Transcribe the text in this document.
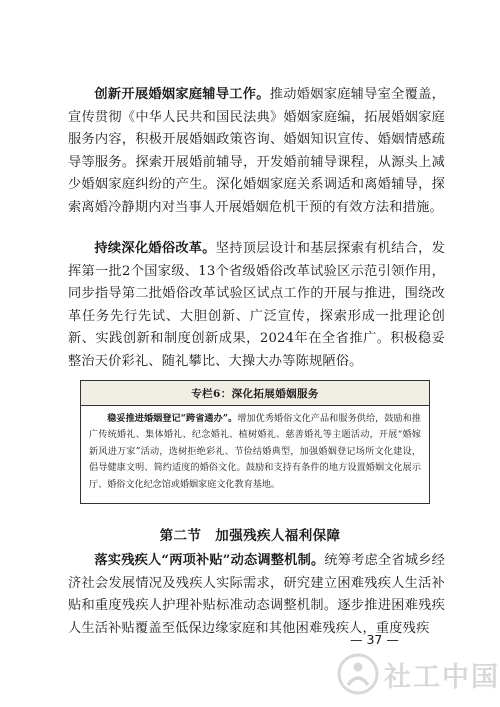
创新开展婚姻家庭辅导工作。推动婚姻家庭辅导室全覆盖，宣传贯彻《中华人民共和国民法典》婚姻家庭编，拓展婚姻家庭服务内容，积极开展婚姻政策咨询、婚姻知识宣传、婚姻情感疏导等服务。探索开展婚前辅导，开发婚前辅导课程，从源头上减少婚姻家庭纠纷的产生。深化婚姻家庭关系调适和离婚辅导，探索离婚冷静期内对当事人开展婚姻危机干预的有效方法和措施。

持续深化婚俗改革。坚持顶层设计和基层探索有机结合，发挥第一批2个国家级、13个省级婚俗改革试验区示范引领作用，同步指导第二批婚俗改革试验区试点工作的开展与推进，围绕改革任务先行先试、大胆创新、广泛宣传，探索形成一批理论创新、实践创新和制度创新成果，2024年在全省推广。积极稳妥整治天价彩礼、随礼攀比、大操大办等陈规陋俗。

专栏6：深化拓展婚姻服务

稳妥推进婚姻登记“跨省通办”。增加优秀婚俗文化产品和服务供给，鼓励和推广传统婚礼、集体婚礼、纪念婚礼、植树婚礼、慈善婚礼等主题活动，开展“婚嫁新风进万家”活动，选树拒绝彩礼、节俭结婚典型，加强婚姻登记场所文化建设，倡导健康文明、简约适度的婚俗文化。鼓励和支持有条件的地方设置婚姻文化展示厅、婚俗文化纪念馆或婚姻家庭文化教育基地。

第二节 加强残疾人福利保障

落实残疾人“两项补贴”动态调整机制。统筹考虑全省城乡经济社会发展情况及残疾人实际需求，研究建立困难残疾人生活补贴和重度残疾人护理补贴标准动态调整机制。逐步推进困难残疾人生活补贴覆盖至低保边缘家庭和其他困难残疾人，重度残疾

— 37 —
社工中国
